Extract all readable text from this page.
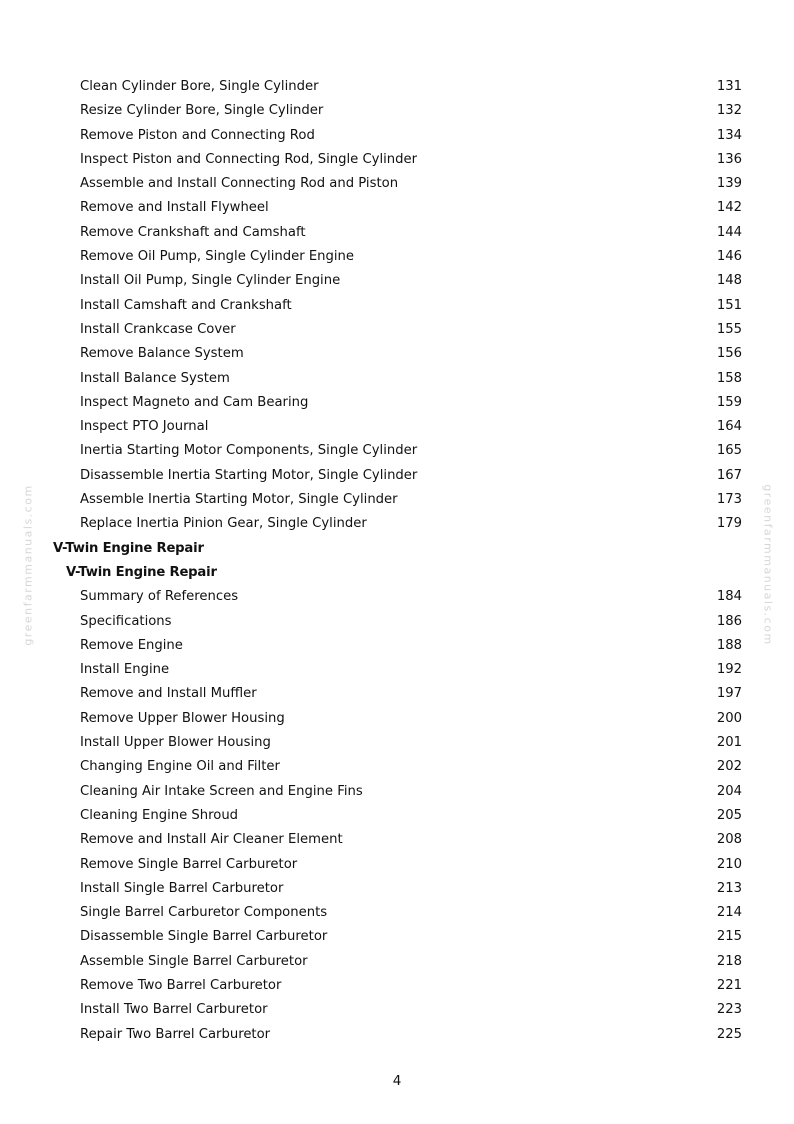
Clean Cylinder Bore, Single Cylinder	131
Resize Cylinder Bore, Single Cylinder	132
Remove Piston and Connecting Rod	134
Inspect Piston and Connecting Rod, Single Cylinder	136
Assemble and Install Connecting Rod and Piston	139
Remove and Install Flywheel	142
Remove Crankshaft and Camshaft	144
Remove Oil Pump, Single Cylinder Engine	146
Install Oil Pump, Single Cylinder Engine	148
Install Camshaft and Crankshaft	151
Install Crankcase Cover	155
Remove Balance System	156
Install Balance System	158
Inspect Magneto and Cam Bearing	159
Inspect PTO Journal	164
Inertia Starting Motor Components, Single Cylinder	165
Disassemble Inertia Starting Motor, Single Cylinder	167
Assemble Inertia Starting Motor, Single Cylinder	173
Replace Inertia Pinion Gear, Single Cylinder	179
V-Twin Engine Repair
V-Twin Engine Repair
Summary of References	184
Specifications	186
Remove Engine	188
Install Engine	192
Remove and Install Muffler	197
Remove Upper Blower Housing	200
Install Upper Blower Housing	201
Changing Engine Oil and Filter	202
Cleaning Air Intake Screen and Engine Fins	204
Cleaning Engine Shroud	205
Remove and Install Air Cleaner Element	208
Remove Single Barrel Carburetor	210
Install Single Barrel Carburetor	213
Single Barrel Carburetor Components	214
Disassemble Single Barrel Carburetor	215
Assemble Single Barrel Carburetor	218
Remove Two Barrel Carburetor	221
Install Two Barrel Carburetor	223
Repair Two Barrel Carburetor	225
greenfarmmanuals.com	greenfarmmanuals.com
4
